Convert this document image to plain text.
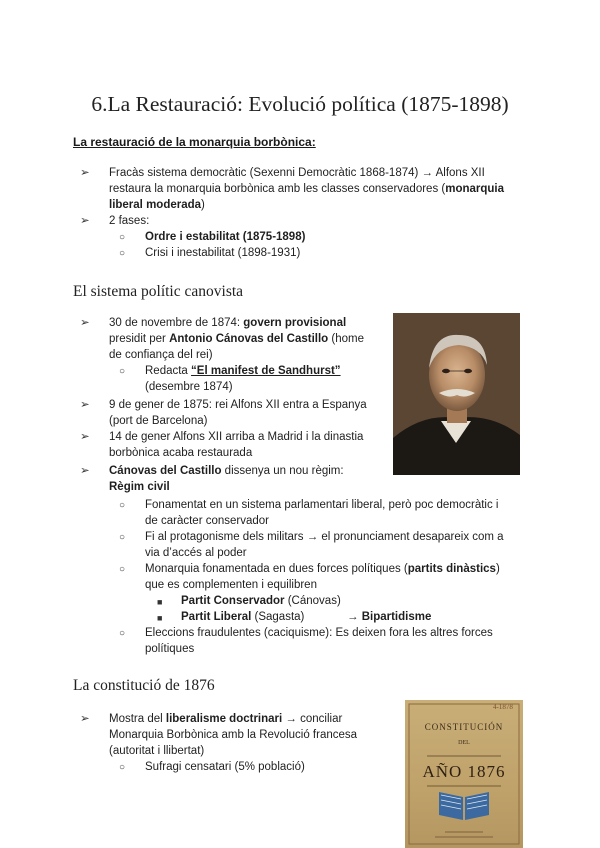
6.La Restauració: Evolució política (1875-1898)
La restauració de la monarquia borbònica:
➢ Fracàs sistema democràtic (Sexenni Democràtic 1868-1874) → Alfons XII
restaura la monarquia borbònica amb les classes conservadores (monarquia
liberal moderada)
➢ 2 fases:
○ Ordre i estabilitat (1875-1898)
○ Crisi i inestabilitat (1898-1931)
El sistema polític canovista
➢ 30 de novembre de 1874: govern provisional
presidit per Antonio Cánovas del Castillo (home
de confiança del rei)
○ Redacta “El manifest de Sandhurst”
(desembre 1874)
➢ 9 de gener de 1875: rei Alfons XII entra a Espanya
(port de Barcelona)
➢ 14 de gener Alfons XII arriba a Madrid i la dinastia
borbònica acaba restaurada
➢ Cánovas del Castillo dissenya un nou règim:
Règim civil
○ Fonamentat en un sistema parlamentari liberal, però poc democràtic i
de caràcter conservador
○ Fi al protagonisme dels militars → el pronunciament desapareix com a
via d’accés al poder
○ Monarquia fonamentada en dues forces polítiques (partits dinàstics)
que es complementen i equilibren
■ Partit Conservador (Cánovas)
■ Partit Liberal (Sagasta)	→ Bipartidisme
○ Eleccions fraudulentes (caciquisme): Es deixen fora les altres forces
polítiques
La constitució de 1876
➢ Mostra del liberalisme doctrinari → conciliar
Monarquia Borbònica amb la Revolució francesa
(autoritat i llibertat)
○ Sufragi censatari (5% població)
4-1878
CONSTITUCIÓN
DEL
AÑO 1876
